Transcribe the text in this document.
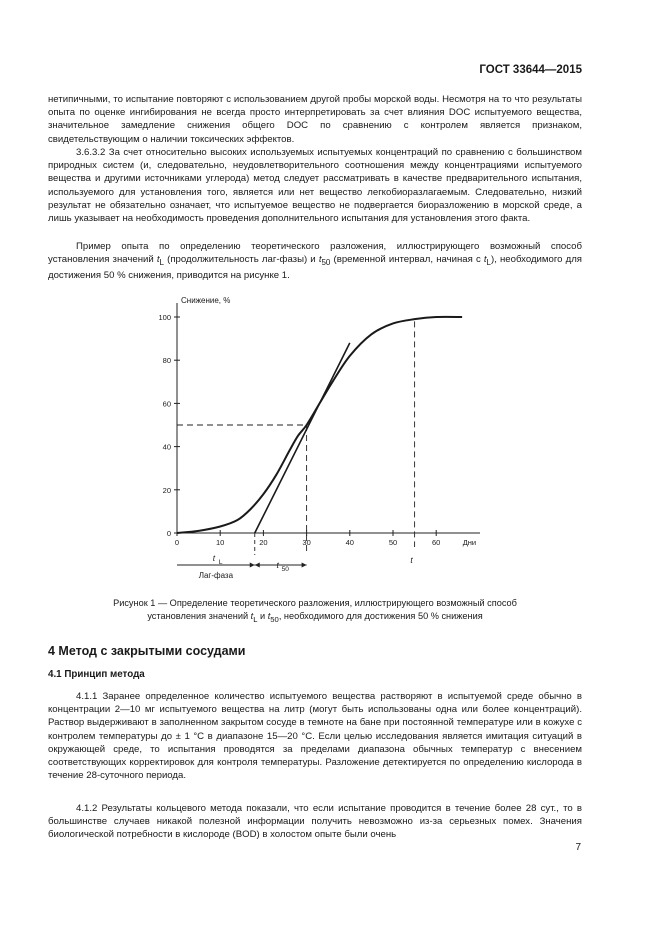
ГОСТ 33644—2015

нетипичными, то испытание повторяют с использованием другой пробы морской воды. Несмотря на то что результаты опыта по оценке ингибирования не всегда просто интерпретировать за счет влияния DOC испытуемого вещества, значительное замедление снижения общего DOC по сравнению с контролем является признаком, свидетельствующим о наличии токсических эффектов.

3.6.3.2 За счет относительно высоких используемых испытуемых концентраций по сравнению с большинством природных систем (и, следовательно, неудовлетворительного соотношения между концентрациями испытуемого вещества и другими источниками углерода) метод следует рассматривать в качестве предварительного испытания, используемого для установления того, является или нет вещество легкобиоразлагаемым. Следовательно, низкий результат не обязательно означает, что испытуемое вещество не подвергается биоразложению в морской среде, а лишь указывает на необходимость проведения дополнительного испытания для установления этого факта.

Пример опыта по определению теоретического разложения, иллюстрирующего возможный способ установления значений $t_L$ (продолжительность лаг-фазы) и $t_{50}$ (временной интервал, начиная с $t_L$), необходимого для достижения 50 % снижения, приводится на рисунке 1.

Снижение, %
0
20
40
60
80
100
0	10	20	30	40	50	60	Дни
t L	t 50
t
Лаг-фаза
Рисунок 1 — Определение теоретического разложения, иллюстрирующего возможный способ
установления значений $t_L$ и $t_{50}$, необходимого для достижения 50 % снижения
4 Метод с закрытыми сосудами
4.1 Принцип метода

4.1.1 Заранее определенное количество испытуемого вещества растворяют в испытуемой среде обычно в концентрации 2—10 мг испытуемого вещества на литр (могут быть использованы одна или более концентраций). Раствор выдерживают в заполненном закрытом сосуде в темноте на бане при постоянной температуре или в кожухе с контролем температуры до ± 1 °С в диапазоне 15—20 °С. Если целью исследования является имитация ситуаций в окружающей среде, то испытания проводятся за пределами диапазона обычных температур с внесением соответствующих корректировок для контроля температуры. Разложение детектируется по определению кислорода в течение 28-суточного периода.

4.1.2 Результаты кольцевого метода показали, что если испытание проводится в течение более 28 сут., то в большинстве случаев никакой полезной информации получить невозможно из-за серьезных помех. Значения биологической потребности в кислороде (BOD) в холостом опыте были очень

7
